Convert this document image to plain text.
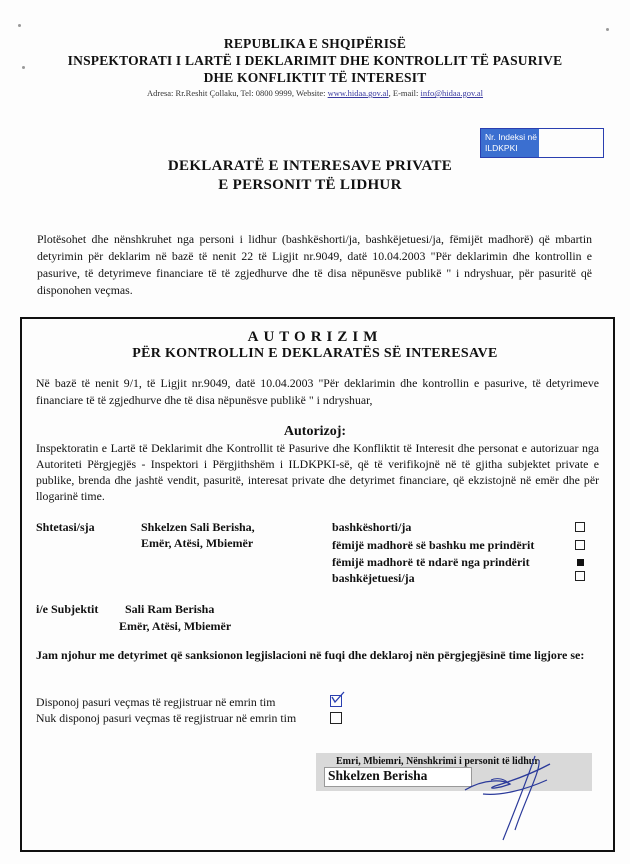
REPUBLIKA E SHQIPËRISË
INSPEKTORATI I LARTË I DEKLARIMIT DHE KONTROLLIT TË PASURIVE
DHE KONFLIKTIT TË INTERESIT
Adresa: Rr.Reshit Çollaku, Tel: 0800 9999, Website: www.hidaa.gov.al, E-mail: info@hidaa.gov.al
Nr. Indeksi në ILDKPKI
DEKLARATË E INTERESAVE PRIVATE
E PERSONIT TË LIDHUR
Plotësohet dhe nënshkruhet nga personi i lidhur (bashkëshorti/ja, bashkëjetuesi/ja, fëmijët madhorë) që mbartin detyrimin për deklarim në bazë të nenit 22 të Ligjit nr.9049, datë 10.04.2003 "Për deklarimin dhe kontrollin e pasurive, të detyrimeve financiare të të zgjedhurve dhe të disa nëpunësve publikë " i ndryshuar, për pasuritë që disponohen veçmas.
AUTORIZIM
PËR KONTROLLIN E DEKLARATËS SË INTERESAVE
Në bazë të nenit 9/1, të Ligjit nr.9049, datë 10.04.2003 "Për deklarimin dhe kontrollin e pasurive, të detyrimeve financiare të të zgjedhurve dhe të disa nëpunësve publikë " i ndryshuar,
Autorizoj:
Inspektoratin e Lartë të Deklarimit dhe Kontrollit të Pasurive dhe Konfliktit të Interesit dhe personat e autorizuar nga Autoriteti Përgjegjës - Inspektori i Përgjithshëm i ILDKPKI-së, që të verifikojnë në të gjitha subjektet private e publike, brenda dhe jashtë vendit, pasuritë, interesat private dhe detyrimet financiare, që ekzistojnë në emër dhe për llogarinë time.
Shtetasi/sja	Shkelzen Sali Berisha,
Emër, Atësi, Mbiemër
bashkëshorti/ja
fëmijë madhorë së bashku me prindërit
fëmijë madhorë të ndarë nga prindërit
bashkëjetuesi/ja
i/e Subjektit Sali Ram Berisha
Emër, Atësi, Mbiemër
Jam njohur me detyrimet që sanksionon legjislacioni në fuqi dhe deklaroj nën përgjegjësinë time ligjore se:
Disponoj pasuri veçmas të regjistruar në emrin tim
Nuk disponoj pasuri veçmas të regjistruar në emrin tim
Emri, Mbiemri, Nënshkrimi i personit të lidhur
Shkelzen Berisha
